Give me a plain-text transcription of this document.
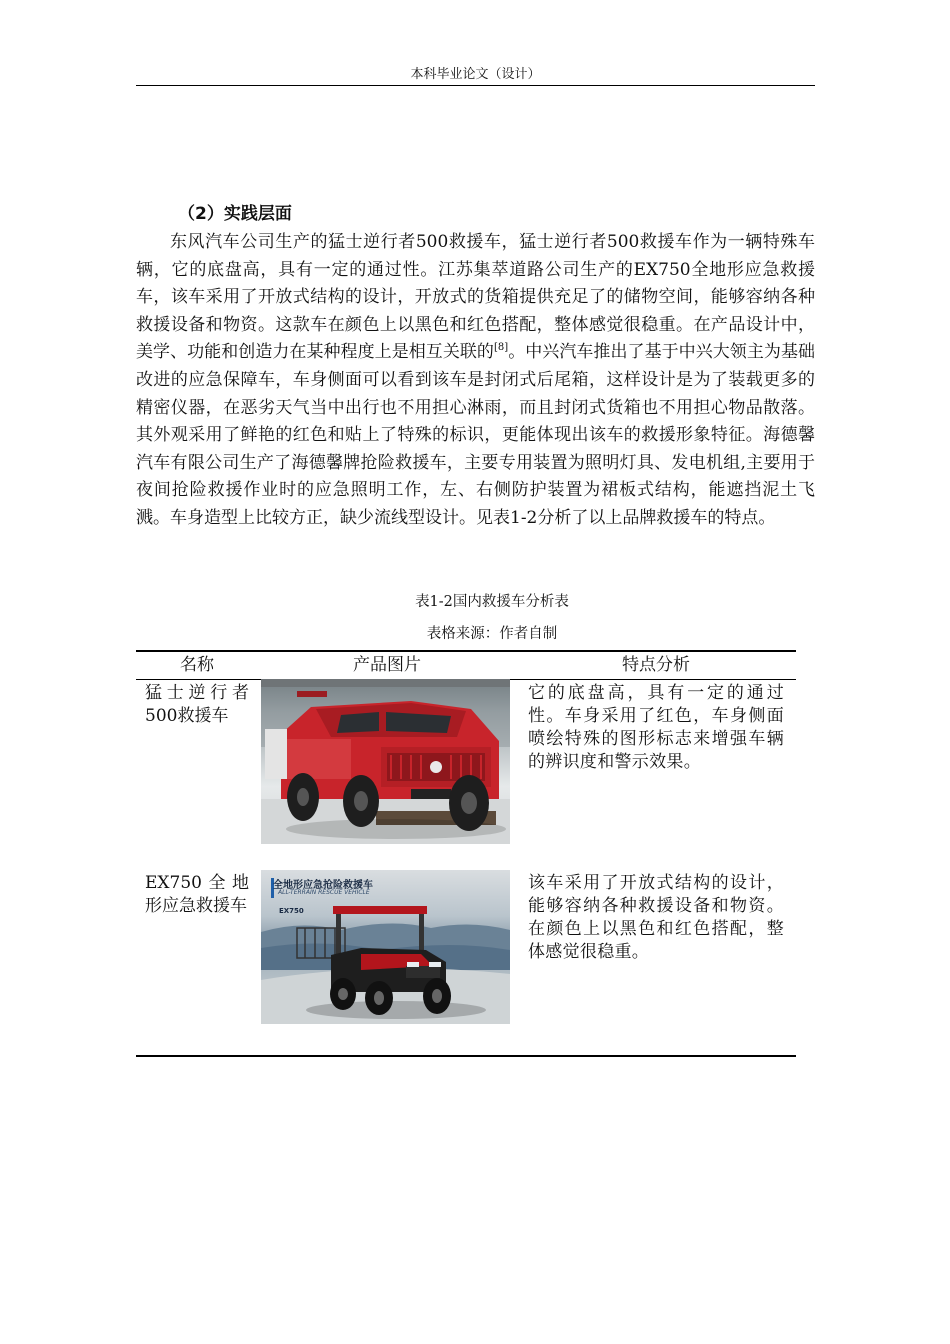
本科毕业论文（设计）
（2）实践层面

东风汽车公司生产的猛士逆行者500救援车，猛士逆行者500救援车作为一辆特殊车辆，它的底盘高，具有一定的通过性。江苏集萃道路公司生产的EX750全地形应急救援车，该车采用了开放式结构的设计，开放式的货箱提供充足了的储物空间，能够容纳各种救援设备和物资。这款车在颜色上以黑色和红色搭配，整体感觉很稳重。在产品设计中，美学、功能和创造力在某种程度上是相互关联的[8]。中兴汽车推出了基于中兴大领主为基础改进的应急保障车，车身侧面可以看到该车是封闭式后尾箱，这样设计是为了装载更多的精密仪器，在恶劣天气当中出行也不用担心淋雨，而且封闭式货箱也不用担心物品散落。其外观采用了鲜艳的红色和贴上了特殊的标识，更能体现出该车的救援形象特征。海德馨汽车有限公司生产了海德馨牌抢险救援车，主要专用装置为照明灯具、发电机组,主要用于夜间抢险救援作业时的应急照明工作，左、右侧防护装置为裙板式结构，能遮挡泥土飞溅。车身造型上比较方正，缺少流线型设计。见表1-2分析了以上品牌救援车的特点。

表1-2国内救援车分析表
表格来源：作者自制
名称	产品图片	特点分析
猛士逆行者500救援车
它的底盘高，具有一定的通过性。车身采用了红色，车身侧面喷绘特殊的图形标志来增强车辆的辨识度和警示效果。
EX750全地形应急救援车
该车采用了开放式结构的设计，能够容纳各种救援设备和物资。在颜色上以黑色和红色搭配，整体感觉很稳重。
全地形应急抢险救援车
ALL-TERRAIN RESCUE VEHICLE
EX750
